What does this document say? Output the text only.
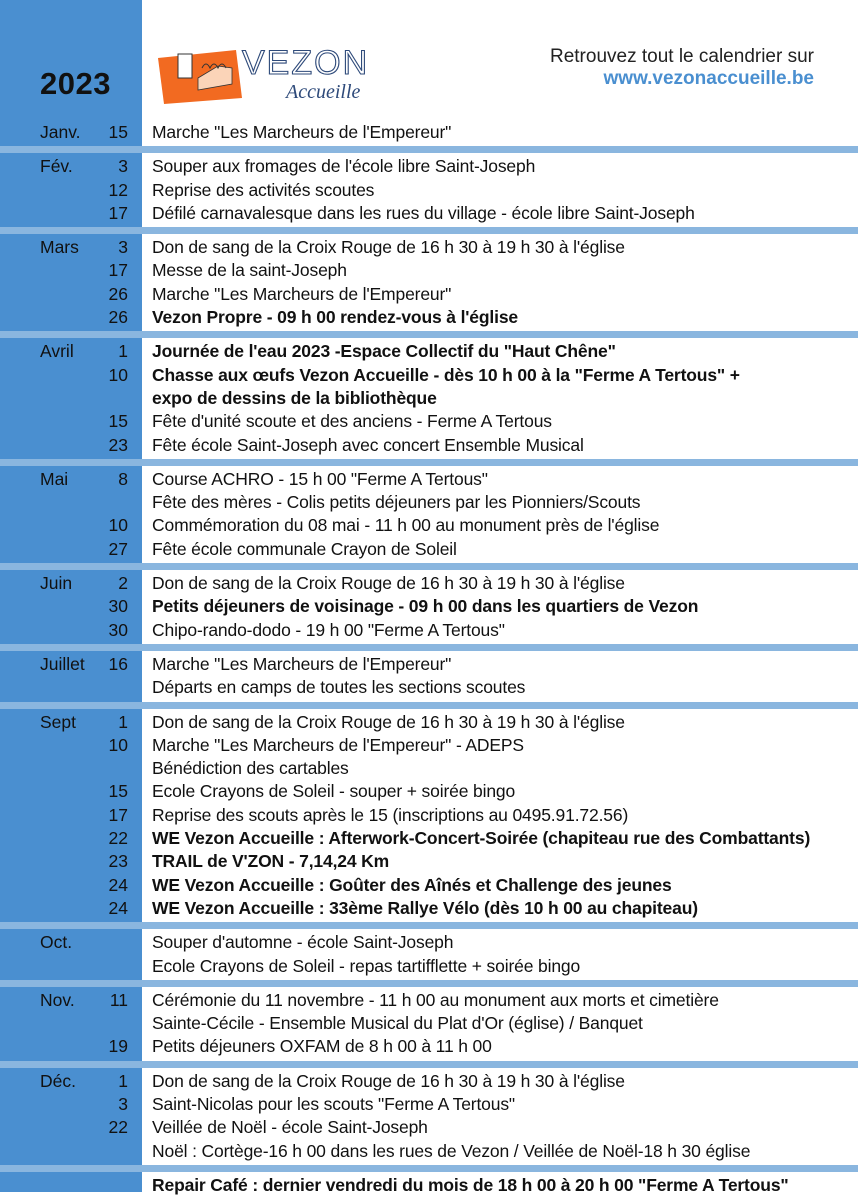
2023
VEZON
Accueille
Retrouvez tout le calendrier sur
www.vezonaccueille.be
Janv.	15 Marche "Les Marcheurs de l'Empereur"
Fév.	3 Souper aux fromages de l'école libre Saint-Joseph
12 Reprise des activités scoutes
17 Défilé carnavalesque dans les rues du village - école libre Saint-Joseph
Mars	3 Don de sang de la Croix Rouge de 16 h 30 à 19 h 30 à l'église
17 Messe de la saint-Joseph
26 Marche "Les Marcheurs de l'Empereur"
26 Vezon Propre - 09 h 00 rendez-vous à l'église
Avril	1 Journée de l'eau 2023 -Espace Collectif du "Haut Chêne"
10 Chasse aux œufs Vezon Accueille - dès 10 h 00 à la "Ferme A Tertous" +
expo de dessins de la bibliothèque
15 Fête d'unité scoute et des anciens - Ferme A Tertous
23 Fête école Saint-Joseph avec concert Ensemble Musical
Mai	8 Course ACHRO - 15 h 00 "Ferme A Tertous"
Fête des mères - Colis petits déjeuners par les Pionniers/Scouts
10 Commémoration du 08 mai - 11 h 00 au monument près de l'église
27 Fête école communale Crayon de Soleil
Juin	2 Don de sang de la Croix Rouge de 16 h 30 à 19 h 30 à l'église
30 Petits déjeuners de voisinage - 09 h 00 dans les quartiers de Vezon
30 Chipo-rando-dodo - 19 h 00 "Ferme A Tertous"
Juillet	16 Marche "Les Marcheurs de l'Empereur"
Départs en camps de toutes les sections scoutes
Sept	1 Don de sang de la Croix Rouge de 16 h 30 à 19 h 30 à l'église
10 Marche "Les Marcheurs de l'Empereur" - ADEPS
Bénédiction des cartables
15 Ecole Crayons de Soleil - souper + soirée bingo
17 Reprise des scouts après le 15 (inscriptions au 0495.91.72.56)
22 WE Vezon Accueille : Afterwork-Concert-Soirée (chapiteau rue des Combattants)
23 TRAIL de V'ZON - 7,14,24 Km
24 WE Vezon Accueille : Goûter des Aînés et Challenge des jeunes
24 WE Vezon Accueille : 33ème Rallye Vélo (dès 10 h 00 au chapiteau)
Oct.	Souper d'automne - école Saint-Joseph
Ecole Crayons de Soleil - repas tartifflette + soirée bingo
Nov.	11 Cérémonie du 11 novembre - 11 h 00 au monument aux morts et cimetière
Sainte-Cécile - Ensemble Musical du Plat d'Or (église) / Banquet
19 Petits déjeuners OXFAM de 8 h 00 à 11 h 00
Déc.	1 Don de sang de la Croix Rouge de 16 h 30 à 19 h 30 à l'église
3 Saint-Nicolas pour les scouts "Ferme A Tertous"
22 Veillée de Noël - école Saint-Joseph
Noël : Cortège-16 h 00 dans les rues de Vezon / Veillée de Noël-18 h 30 église
Repair Café : dernier vendredi du mois de 18 h 00 à 20 h 00 "Ferme A Tertous"
